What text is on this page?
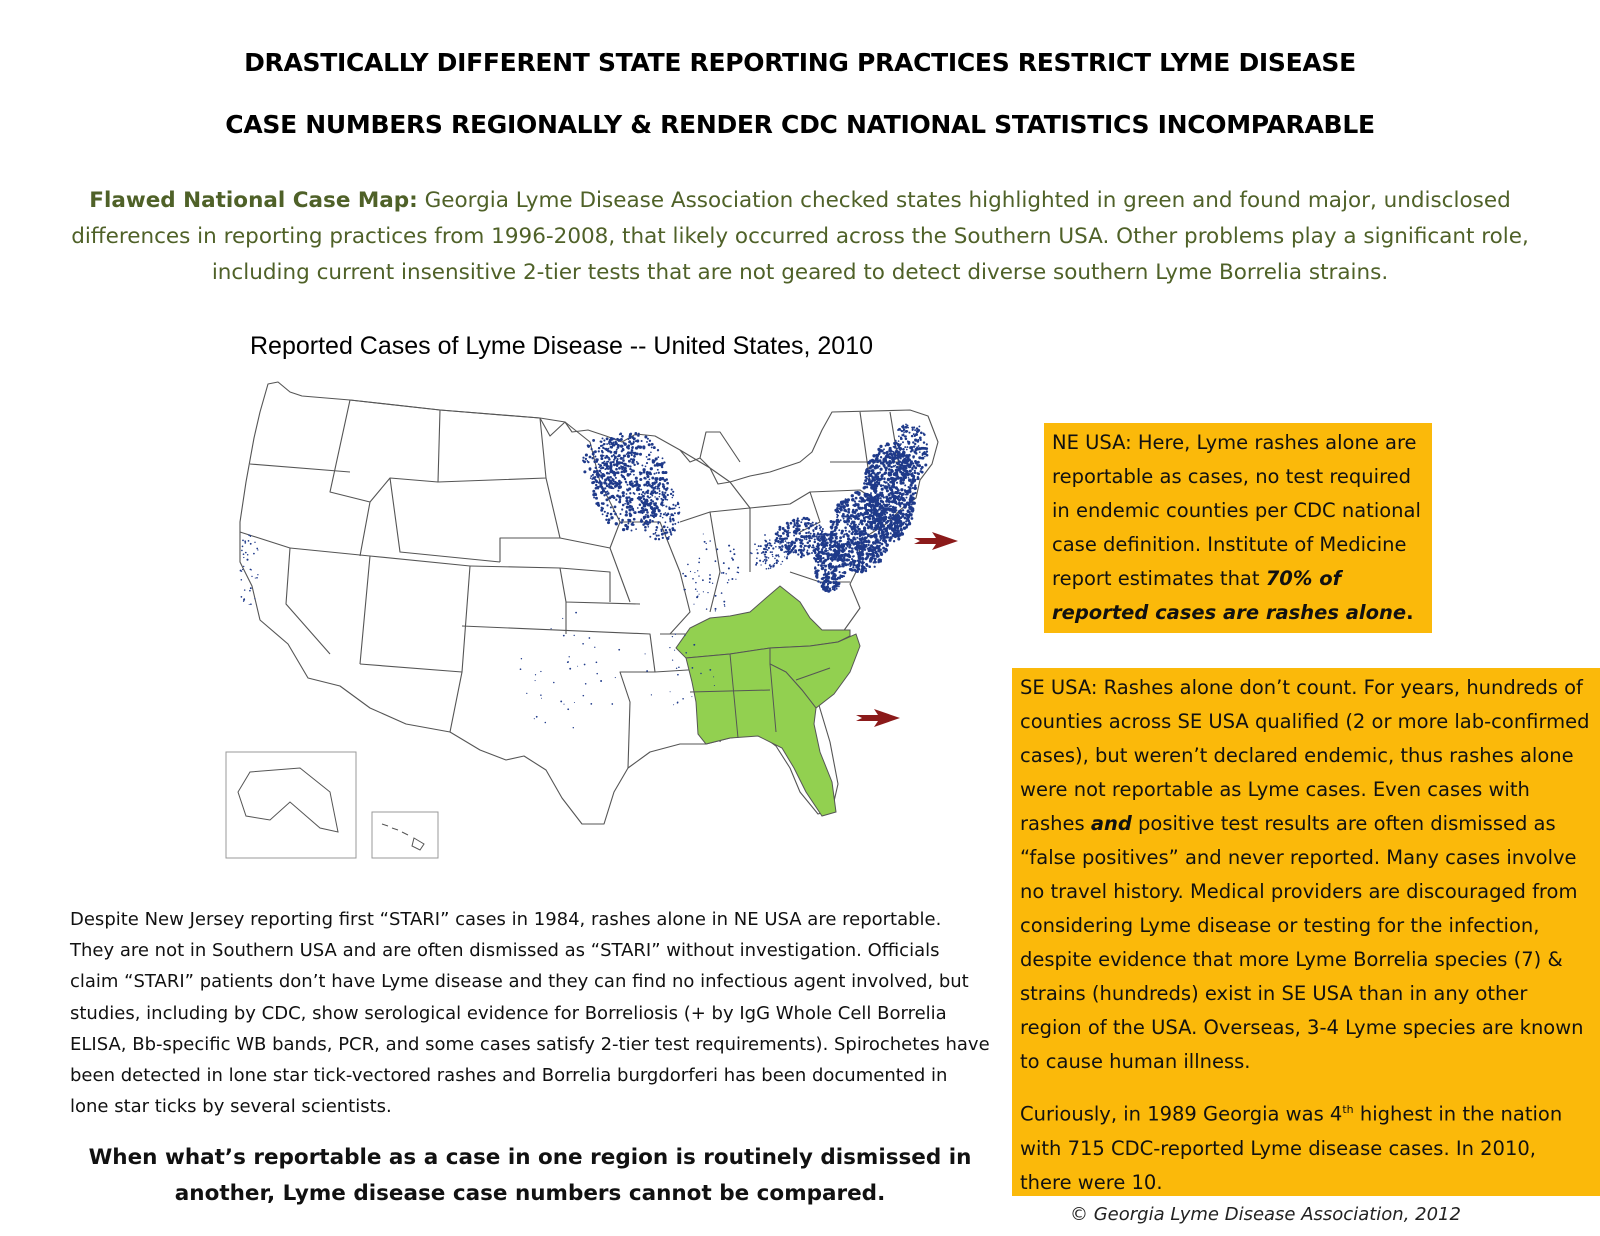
DRASTICALLY DIFFERENT STATE REPORTING PRACTICES RESTRICT LYME DISEASE
CASE NUMBERS REGIONALLY & RENDER CDC NATIONAL STATISTICS INCOMPARABLE
Flawed National Case Map: Georgia Lyme Disease Association checked states highlighted in green and found major, undisclosed differences in reporting practices from 1996-2008, that likely occurred across the Southern USA. Other problems play a significant role, including current insensitive 2-tier tests that are not geared to detect diverse southern Lyme Borrelia strains.
Reported Cases of Lyme Disease -- United States, 2010
NE USA: Here, Lyme rashes alone are reportable as cases, no test required in endemic counties per CDC national case definition. Institute of Medicine report estimates that 70% of reported cases are rashes alone.

SE USA: Rashes alone don’t count. For years, hundreds of counties across SE USA qualified (2 or more lab-confirmed cases), but weren’t declared endemic, thus rashes alone were not reportable as Lyme cases. Even cases with rashes and positive test results are often dismissed as “false positives” and never reported. Many cases involve no travel history. Medical providers are discouraged from considering Lyme disease or testing for the infection, despite evidence that more Lyme Borrelia species (7) & strains (hundreds) exist in SE USA than in any other region of the USA. Overseas, 3-4 Lyme species are known to cause human illness.

Curiously, in 1989 Georgia was 4th highest in the nation with 715 CDC-reported Lyme disease cases. In 2010, there were 10.

Despite New Jersey reporting first “STARI” cases in 1984, rashes alone in NE USA are reportable. They are not in Southern USA and are often dismissed as “STARI” without investigation. Officials claim “STARI” patients don’t have Lyme disease and they can find no infectious agent involved, but studies, including by CDC, show serological evidence for Borreliosis (+ by IgG Whole Cell Borrelia ELISA, Bb-specific WB bands, PCR, and some cases satisfy 2-tier test requirements). Spirochetes have been detected in lone star tick-vectored rashes and Borrelia burgdorferi has been documented in lone star ticks by several scientists.
When what’s reportable as a case in one region is routinely dismissed in another, Lyme disease case numbers cannot be compared.
© Georgia Lyme Disease Association, 2012
